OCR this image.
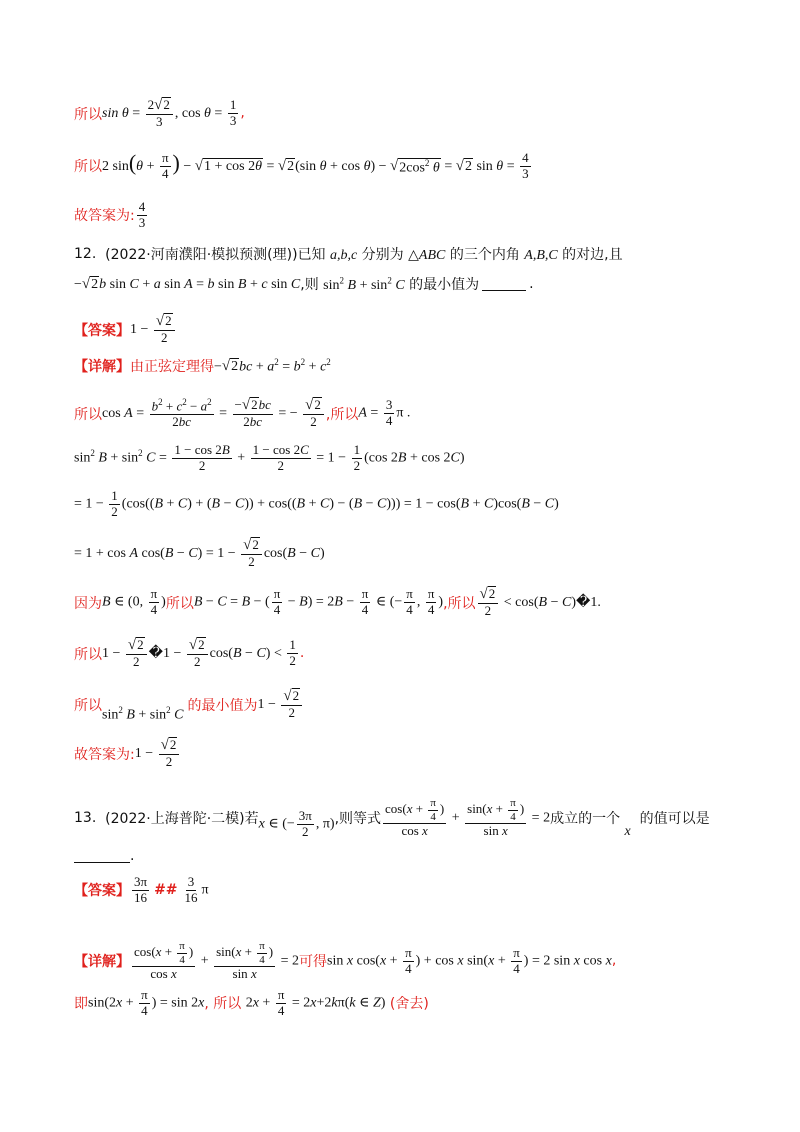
所以 $\sin \theta = \frac{2 √ 2}{3}$ , $\cos \theta = \frac{1}{3}$ ,
所以 2 $\sin(\theta + \frac{\pi}{4}$ ) − √ 1 + cos 2θ = √ 2 (sin θ + cos θ) − √ $2\cos^2$ θ = √ 2 $\sin \theta = \frac{4}{3}$
故答案为: $\frac{4}{3}$
12.
(2022·河南濮阳·模拟预测(理)) 已知 a,b,c 分别为 △ABC 的三个内角 A,B,C 的对边,且
− √ 2 b sin C + a sin A = b sin B + c sin C ,则 $\sin^2 B + \sin^2 C$ 的最小值为	.
【答案】 $1 - \frac{√ 2}{2}$
【详解】 由正弦定理得 − √ 2 bc + $a^2 = b^2 + c^2$
所以 $\cos A = \frac{b^2 + c^2 - a^2}{2bc} = \frac{- √ 2 bc}{2bc}$ = − $\frac{√ 2}{2}$ ,所以 $A = \frac{3}{4}$ π .
$\sin^2 B + \sin^2 C = \frac{1 - \cos 2B}{2} + \frac{1 - \cos 2C}{2} = 1 - \frac{1}{2} (\cos$ 2B + cos 2C)
= $1 - \frac{1}{2} (\cos((B + C) + (B - C)) + \cos((B + C) - (B - C))) = 1 - \cos(B + C)\cos(B - C)$
= 1 + cos A $\cos(B - C) = 1 - \frac{√ 2}{2} \cos(B - C)$
因为 B ∈ (0, $\frac{\pi}{4}$ ) 所以 B − C = B − ( $\frac{\pi}{4} - B) = 2B - \frac{\pi}{4}$ ∈ (− $\frac{\pi}{4}$ , $\frac{\pi}{4}$ ) ,所以 $\frac{√ 2}{2} < \cos(B$ − C)�1.
所以 $1 - \frac{√ 2}{2}$ �1 − $\frac{√ 2}{2} \cos(B - C) < \frac{1}{2}$ .
所以
$\sin^2 B + \sin^2 C$
的最小值为 $1 - \frac{√ 2}{2}$
故答案为: $1 - \frac{√ 2}{2}$
13.
(2022·上海普陀·二模) 若 x ∈ (− $\frac{3\pi}{2}$ , π) ,则等式 $\frac{\cos(x + \frac{\pi}{4} )}{\text{cos x}} + \frac{\sin(x + \frac{\pi}{4} )}{\text{sin x}} = 2$ 成立的一个

x

的值可以是
.
【答案】 $\frac{3\pi}{16}$ ## $\frac{3}{16}$ π
【详解】 $\frac{\cos(x + \frac{\pi}{4} )}{\text{cos x}} + \frac{\sin(x + \frac{\pi}{4} )}{\text{sin x}} = 2$ 可得 sin x $\cos(x + \frac{\pi}{4}$ ) + cos x $\sin(x + \frac{\pi}{4}$ ) = 2 sin x cos x,
即 $\sin(2x + \frac{\pi}{4}$ ) = sin 2x , 所以
$2x + \frac{\pi}{4} = 2x+2k\pi(k$ ∈ Z)
(舍去)
